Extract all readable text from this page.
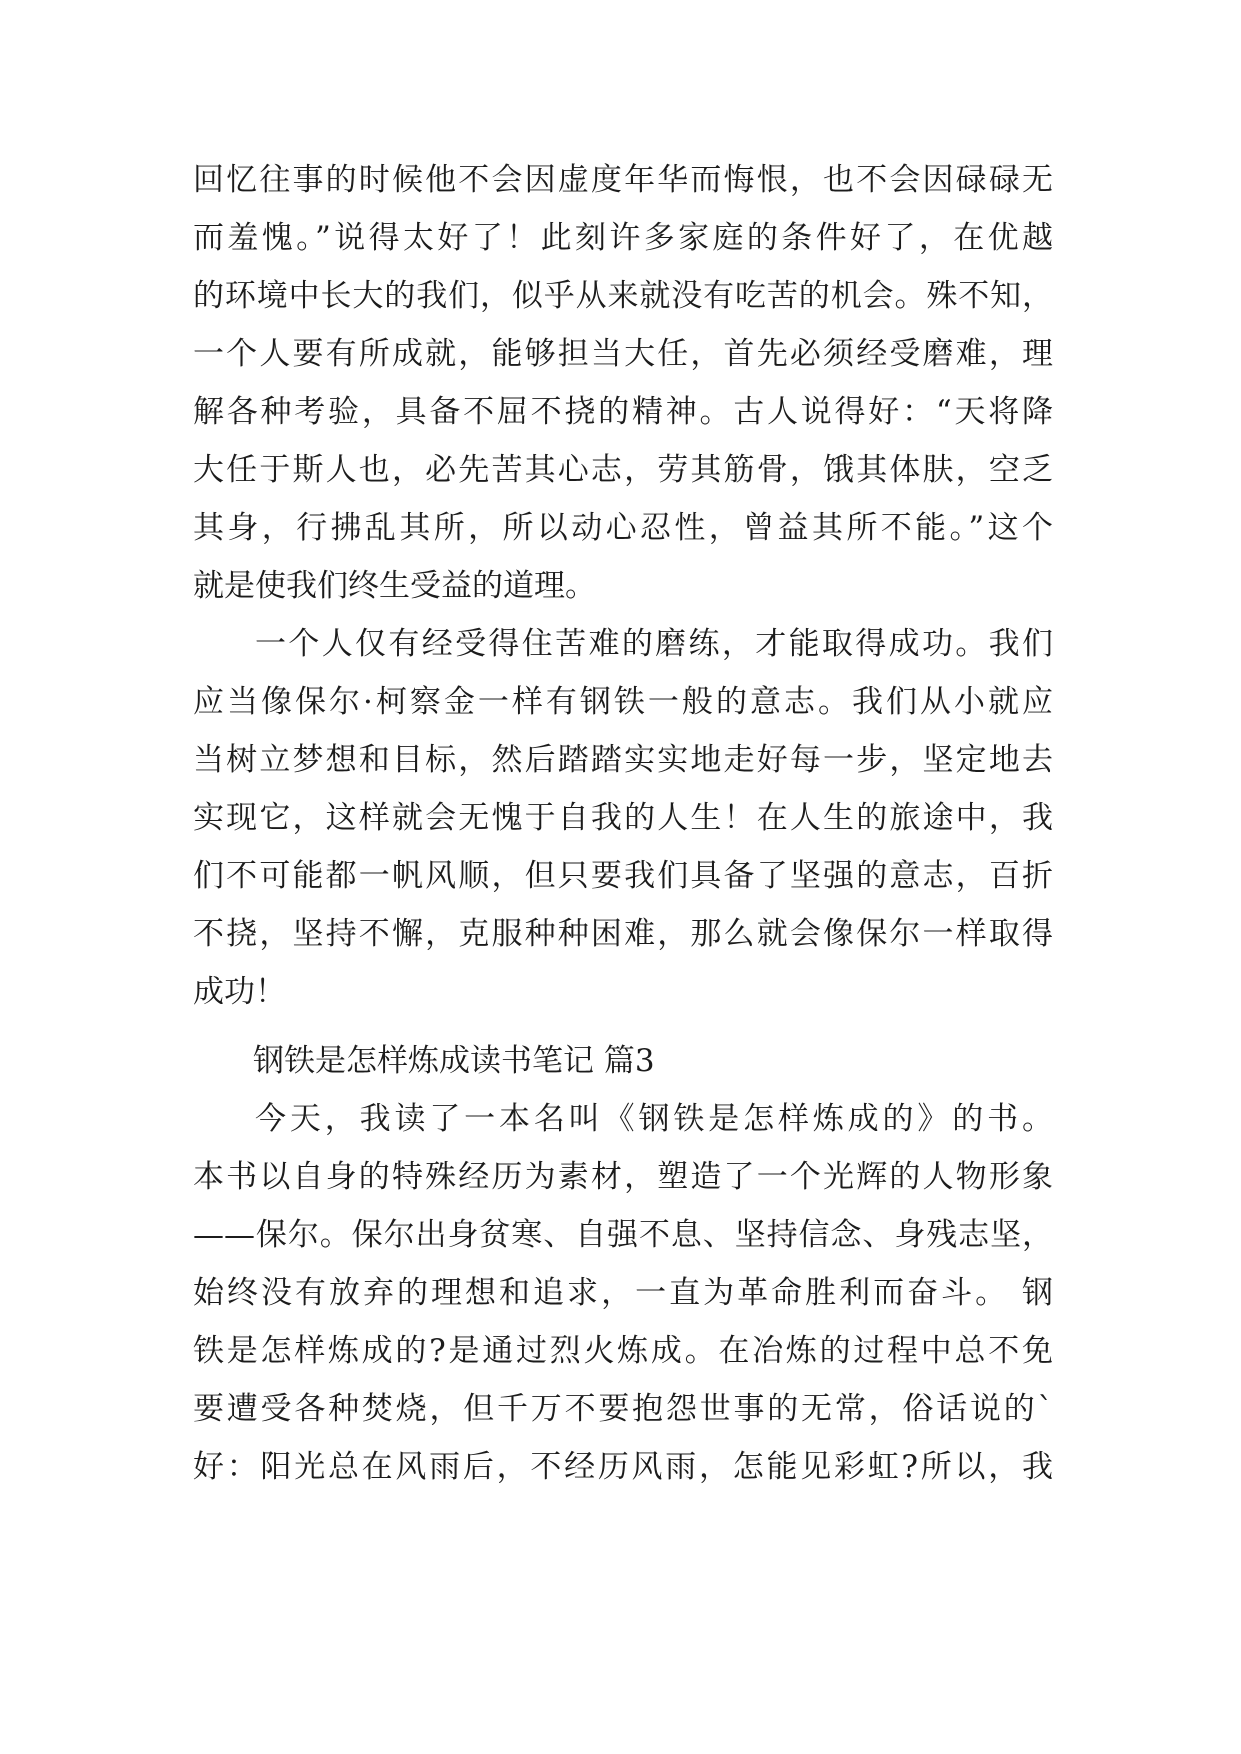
回忆往事的时候他不会因虚度年华而悔恨，也不会因碌碌无

而羞愧。”说得太好了！此刻许多家庭的条件好了，在优越

的环境中长大的我们，似乎从来就没有吃苦的机会。殊不知，

一个人要有所成就，能够担当大任，首先必须经受磨难，理

解各种考验，具备不屈不挠的精神。古人说得好：“天将降

大任于斯人也，必先苦其心志，劳其筋骨，饿其体肤，空乏

其身，行拂乱其所，所以动心忍性，曾益其所不能。”这个

就是使我们终生受益的道理。

一个人仅有经受得住苦难的磨练，才能取得成功。我们

应当像保尔·柯察金一样有钢铁一般的意志。我们从小就应

当树立梦想和目标，然后踏踏实实地走好每一步，坚定地去

实现它，这样就会无愧于自我的人生！在人生的旅途中，我

们不可能都一帆风顺，但只要我们具备了坚强的意志，百折

不挠，坚持不懈，克服种种困难，那么就会像保尔一样取得

成功！

钢铁是怎样炼成读书笔记 篇3

今天，我读了一本名叫《钢铁是怎样炼成的》的书。

本书以自身的特殊经历为素材，塑造了一个光辉的人物形象

——保尔。保尔出身贫寒、自强不息、坚持信念、身残志坚，

始终没有放弃的理想和追求，一直为革命胜利而奋斗。 钢

铁是怎样炼成的?是通过烈火炼成。在冶炼的过程中总不免

要遭受各种焚烧，但千万不要抱怨世事的无常，俗话说的`

好：阳光总在风雨后，不经历风雨，怎能见彩虹?所以，我
